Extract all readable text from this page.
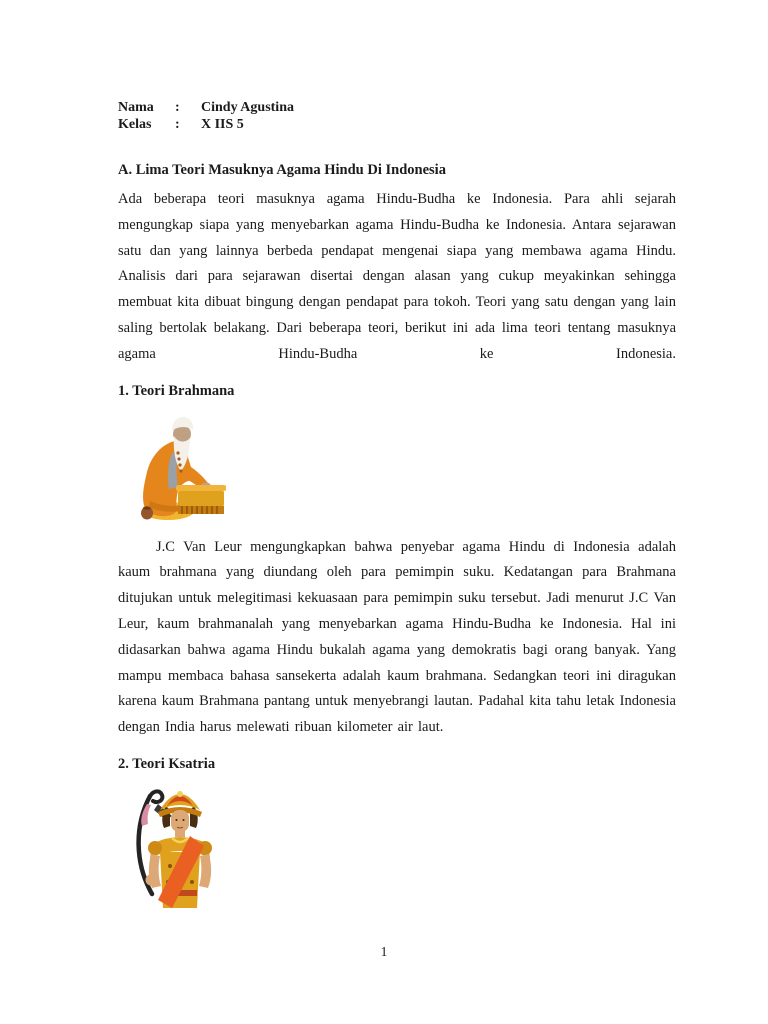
Nama	:	Cindy Agustina
Kelas	:	X IIS 5
A. Lima Teori Masuknya Agama Hindu Di Indonesia

Ada beberapa teori masuknya agama Hindu-Budha ke Indonesia. Para ahli sejarah mengungkap siapa yang menyebarkan agama Hindu-Budha ke Indonesia. Antara sejarawan satu dan yang lainnya berbeda pendapat mengenai siapa yang membawa agama Hindu. Analisis dari para sejarawan disertai dengan alasan yang cukup meyakinkan sehingga membuat kita dibuat bingung dengan pendapat para tokoh. Teori yang satu dengan yang lain saling bertolak belakang. Dari beberapa teori, berikut ini ada lima teori tentang masuknya agama Hindu-Budha ke Indonesia.

1. Teori Brahmana

J.C Van Leur mengungkapkan bahwa penyebar agama Hindu di Indonesia adalah kaum brahmana yang diundang oleh para pemimpin suku. Kedatangan para Brahmana ditujukan untuk melegitimasi kekuasaan para pemimpin suku tersebut. Jadi menurut J.C Van Leur, kaum brahmanalah yang menyebarkan agama Hindu-Budha ke Indonesia. Hal ini didasarkan bahwa agama Hindu bukalah agama yang demokratis bagi orang banyak. Yang mampu membaca bahasa sansekerta adalah kaum brahmana. Sedangkan teori ini diragukan karena kaum Brahmana pantang untuk menyebrangi lautan. Padahal kita tahu letak Indonesia dengan India harus melewati ribuan kilometer air laut.

2. Teori Ksatria
1
